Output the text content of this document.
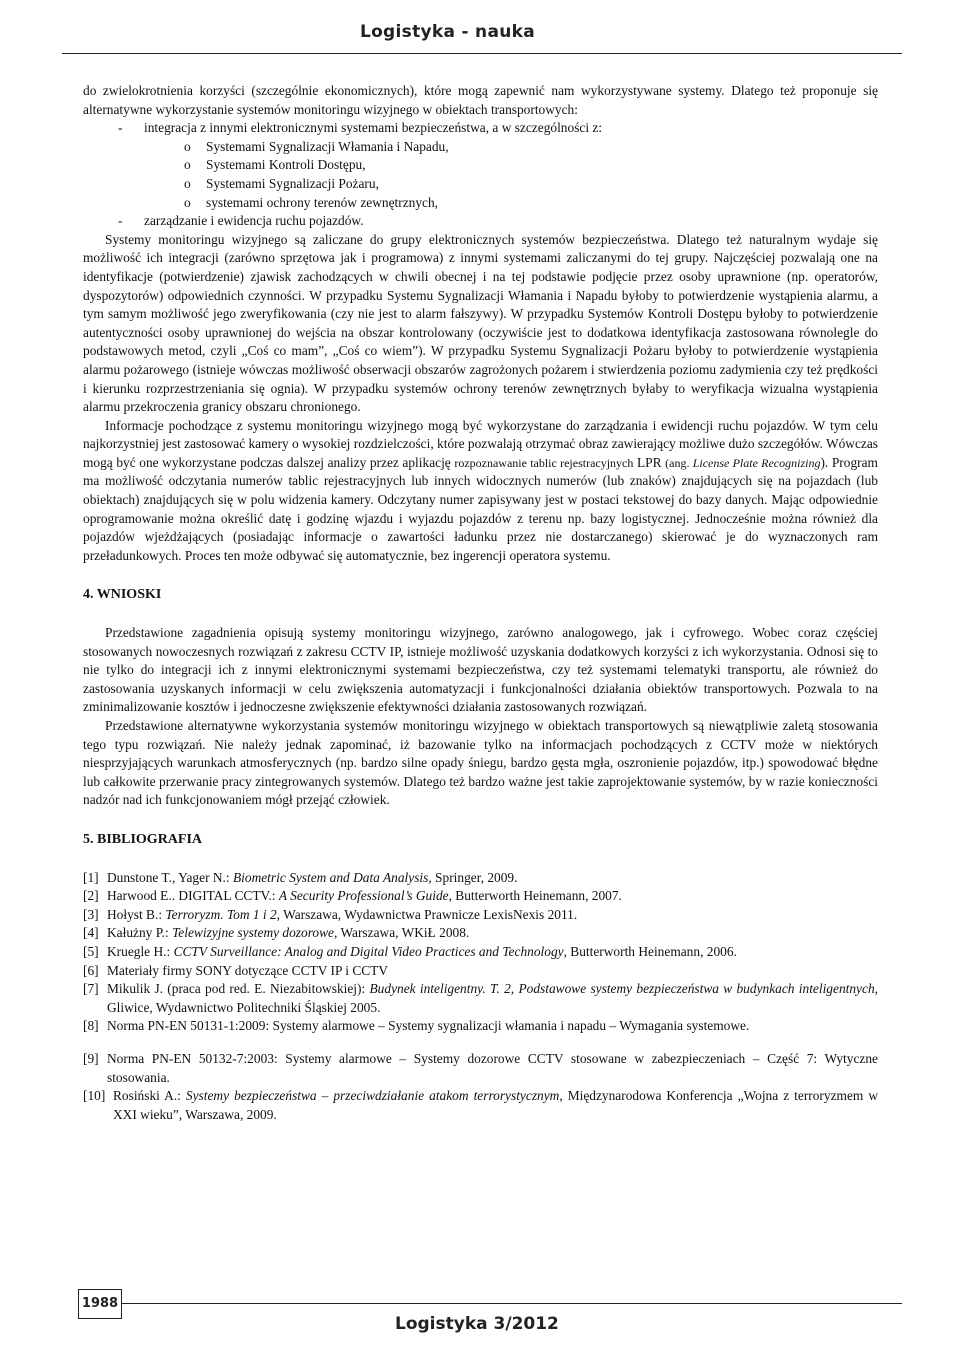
Logistyka - nauka

do zwielokrotnienia korzyści (szczególnie ekonomicznych), które mogą zapewnić nam wykorzystywane systemy. Dlatego też proponuje się alternatywne wykorzystanie systemów monitoringu wizyjnego w obiektach transportowych:

- integracja z innymi elektronicznymi systemami bezpieczeństwa, a w szczególności z:

o Systemami Sygnalizacji Włamania i Napadu,

o Systemami Kontroli Dostępu,

o Systemami Sygnalizacji Pożaru,

o systemami ochrony terenów zewnętrznych,

- zarządzanie i ewidencja ruchu pojazdów.

Systemy monitoringu wizyjnego są zaliczane do grupy elektronicznych systemów bezpieczeństwa. Dlatego też naturalnym wydaje się możliwość ich integracji (zarówno sprzętowa jak i programowa) z innymi systemami zaliczanymi do tej grupy. Najczęściej pozwalają one na identyfikacje (potwierdzenie) zjawisk zachodzących w chwili obecnej i na tej podstawie podjęcie przez osoby uprawnione (np. operatorów, dyspozytorów) odpowiednich czynności. W przypadku Systemu Sygnalizacji Włamania i Napadu byłoby to potwierdzenie wystąpienia alarmu, a tym samym możliwość jego zweryfikowania (czy nie jest to alarm fałszywy). W przypadku Systemów Kontroli Dostępu byłoby to potwierdzenie autentyczności osoby uprawnionej do wejścia na obszar kontrolowany (oczywiście jest to dodatkowa identyfikacja zastosowana równolegle do podstawowych metod, czyli „Coś co mam”, „Coś co wiem”). W przypadku Systemu Sygnalizacji Pożaru byłoby to potwierdzenie wystąpienia alarmu pożarowego (istnieje wówczas możliwość obserwacji obszarów zagrożonych pożarem i stwierdzenia poziomu zadymienia czy też prędkości i kierunku rozprzestrzeniania się ognia). W przypadku systemów ochrony terenów zewnętrznych byłaby to weryfikacja wizualna wystąpienia alarmu przekroczenia granicy obszaru chronionego.

Informacje pochodzące z systemu monitoringu wizyjnego mogą być wykorzystane do zarządzania i ewidencji ruchu pojazdów. W tym celu najkorzystniej jest zastosować kamery o wysokiej rozdzielczości, które pozwalają otrzymać obraz zawierający możliwe dużo szczegółów. Wówczas mogą być one wykorzystane podczas dalszej analizy przez aplikację rozpoznawanie tablic rejestracyjnych LPR (ang. License Plate Recognizing). Program ma możliwość odczytania numerów tablic rejestracyjnych lub innych widocznych numerów (lub znaków) znajdujących się na pojazdach (lub obiektach) znajdujących się w polu widzenia kamery. Odczytany numer zapisywany jest w postaci tekstowej do bazy danych. Mając odpowiednie oprogramowanie można określić datę i godzinę wjazdu i wyjazdu pojazdów z terenu np. bazy logistycznej. Jednocześnie można również dla pojazdów wjeżdżających (posiadając informacje o zawartości ładunku przez nie dostarczanego) skierować je do wyznaczonych ram przeładunkowych. Proces ten może odbywać się automatycznie, bez ingerencji operatora systemu.

4. WNIOSKI

Przedstawione zagadnienia opisują systemy monitoringu wizyjnego, zarówno analogowego, jak i cyfrowego. Wobec coraz częściej stosowanych nowoczesnych rozwiązań z zakresu CCTV IP, istnieje możliwość uzyskania dodatkowych korzyści z ich wykorzystania. Odnosi się to nie tylko do integracji ich z innymi elektronicznymi systemami bezpieczeństwa, czy też systemami telematyki transportu, ale również do zastosowania uzyskanych informacji w celu zwiększenia automatyzacji i funkcjonalności działania obiektów transportowych. Pozwala to na zminimalizowanie kosztów i jednoczesne zwiększenie efektywności działania zastosowanych rozwiązań.

Przedstawione alternatywne wykorzystania systemów monitoringu wizyjnego w obiektach transportowych są niewątpliwie zaletą stosowania tego typu rozwiązań. Nie należy jednak zapominać, iż bazowanie tylko na informacjach pochodzących z CCTV może w niektórych niesprzyjających warunkach atmosferycznych (np. bardzo silne opady śniegu, bardzo gęsta mgła, oszronienie pojazdów, itp.) spowodować błędne lub całkowite przerwanie pracy zintegrowanych systemów. Dlatego też bardzo ważne jest takie zaprojektowanie systemów, by w razie konieczności nadzór nad ich funkcjonowaniem mógł przejąć człowiek.

5. BIBLIOGRAFIA

[1] Dunstone T., Yager N.: Biometric System and Data Analysis, Springer, 2009.

[2] Harwood E.. DIGITAL CCTV.: A Security Professional’s Guide, Butterworth Heinemann, 2007.

[3] Hołyst B.: Terroryzm. Tom 1 i 2, Warszawa, Wydawnictwa Prawnicze LexisNexis 2011.

[4] Kałużny P.: Telewizyjne systemy dozorowe, Warszawa, WKiŁ 2008.

[5] Kruegle H.: CCTV Surveillance: Analog and Digital Video Practices and Technology, Butterworth Heinemann, 2006.

[6] Materiały firmy SONY dotyczące CCTV IP i CCTV

[7] Mikulik J. (praca pod red. E. Niezabitowskiej): Budynek inteligentny. T. 2, Podstawowe systemy bezpieczeństwa w budynkach inteligentnych, Gliwice, Wydawnictwo Politechniki Śląskiej 2005.

[8] Norma PN-EN 50131-1:2009: Systemy alarmowe – Systemy sygnalizacji włamania i napadu – Wymagania systemowe.

[9] Norma PN-EN 50132-7:2003: Systemy alarmowe – Systemy dozorowe CCTV stosowane w zabezpieczeniach – Część 7: Wytyczne stosowania.

[10] Rosiński A.: Systemy bezpieczeństwa – przeciwdziałanie atakom terrorystycznym, Międzynarodowa Konferencja „Wojna z terroryzmem w XXI wieku”, Warszawa, 2009.

1988
Logistyka 3/2012
